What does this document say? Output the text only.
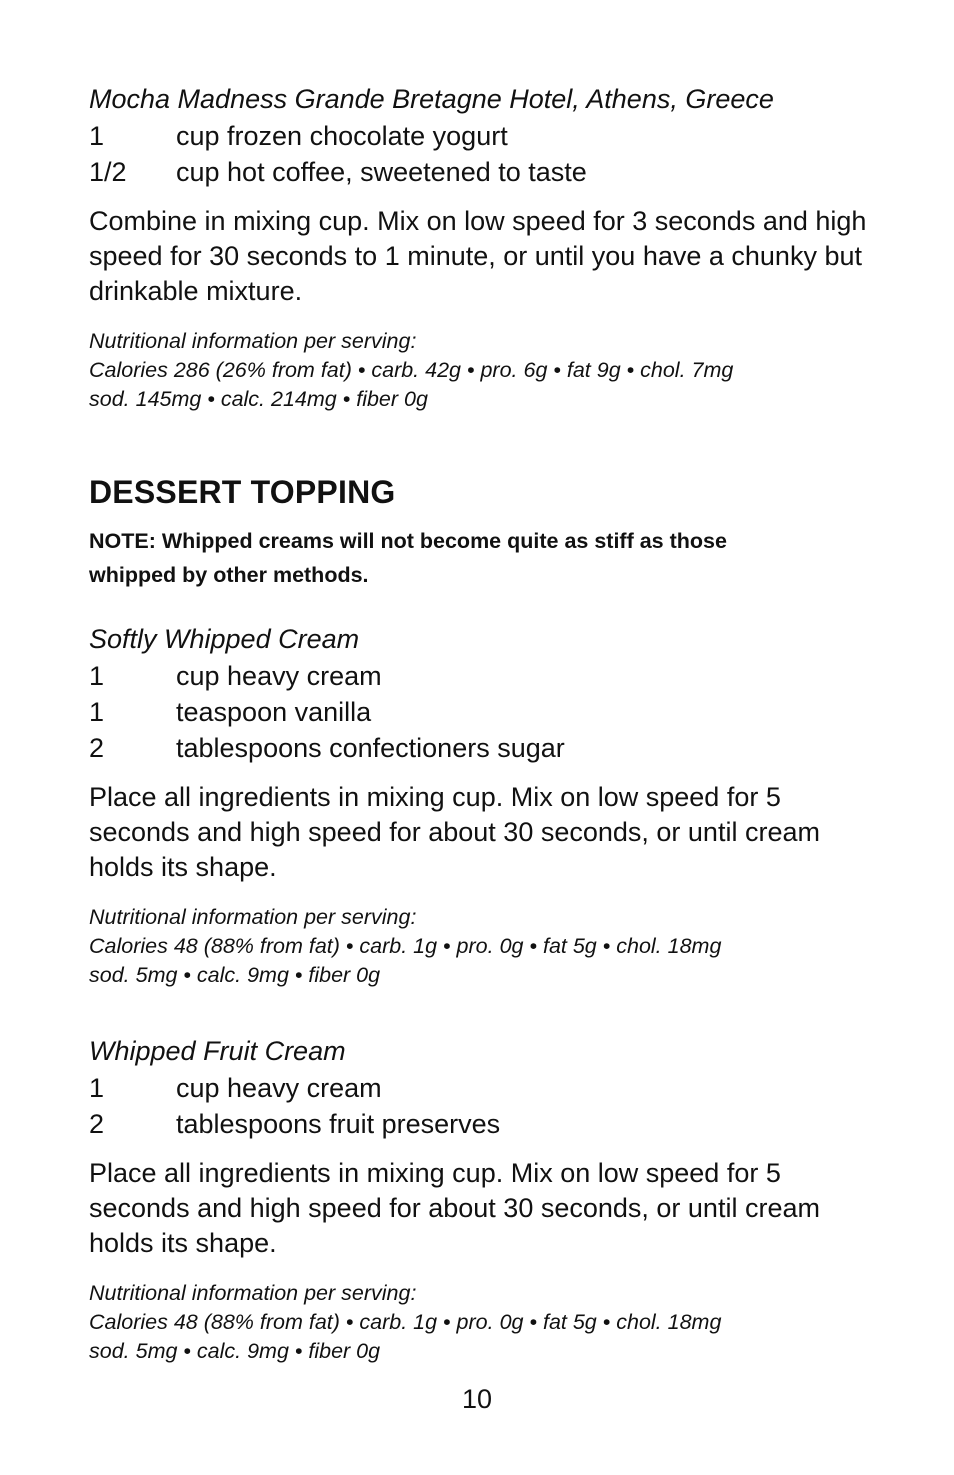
Mocha Madness Grande Bretagne Hotel, Athens, Greece
1	cup frozen chocolate yogurt
1/2	cup hot coffee, sweetened to taste

Combine in mixing cup. Mix on low speed for 3 seconds and high speed for 30 seconds to 1 minute, or until you have a chunky but drinkable mixture.

Nutritional information per serving:
Calories 286 (26% from fat) • carb. 42g • pro. 6g • fat 9g • chol. 7mg
sod. 145mg • calc. 214mg • fiber 0g

DESSERT TOPPING

NOTE: Whipped creams will not become quite as stiff as those
whipped by other methods.

Softly Whipped Cream
1	cup heavy cream
1	teaspoon vanilla
2	tablespoons confectioners sugar

Place all ingredients in mixing cup. Mix on low speed for 5 seconds and high speed for about 30 seconds, or until cream holds its shape.

Nutritional information per serving:
Calories 48 (88% from fat) • carb. 1g • pro. 0g • fat 5g • chol. 18mg
sod. 5mg • calc. 9mg • fiber 0g

Whipped Fruit Cream
1	cup heavy cream
2	tablespoons fruit preserves

Place all ingredients in mixing cup. Mix on low speed for 5 seconds and high speed for about 30 seconds, or until cream holds its shape.

Nutritional information per serving:
Calories 48 (88% from fat) • carb. 1g • pro. 0g • fat 5g • chol. 18mg
sod. 5mg • calc. 9mg • fiber 0g

10
